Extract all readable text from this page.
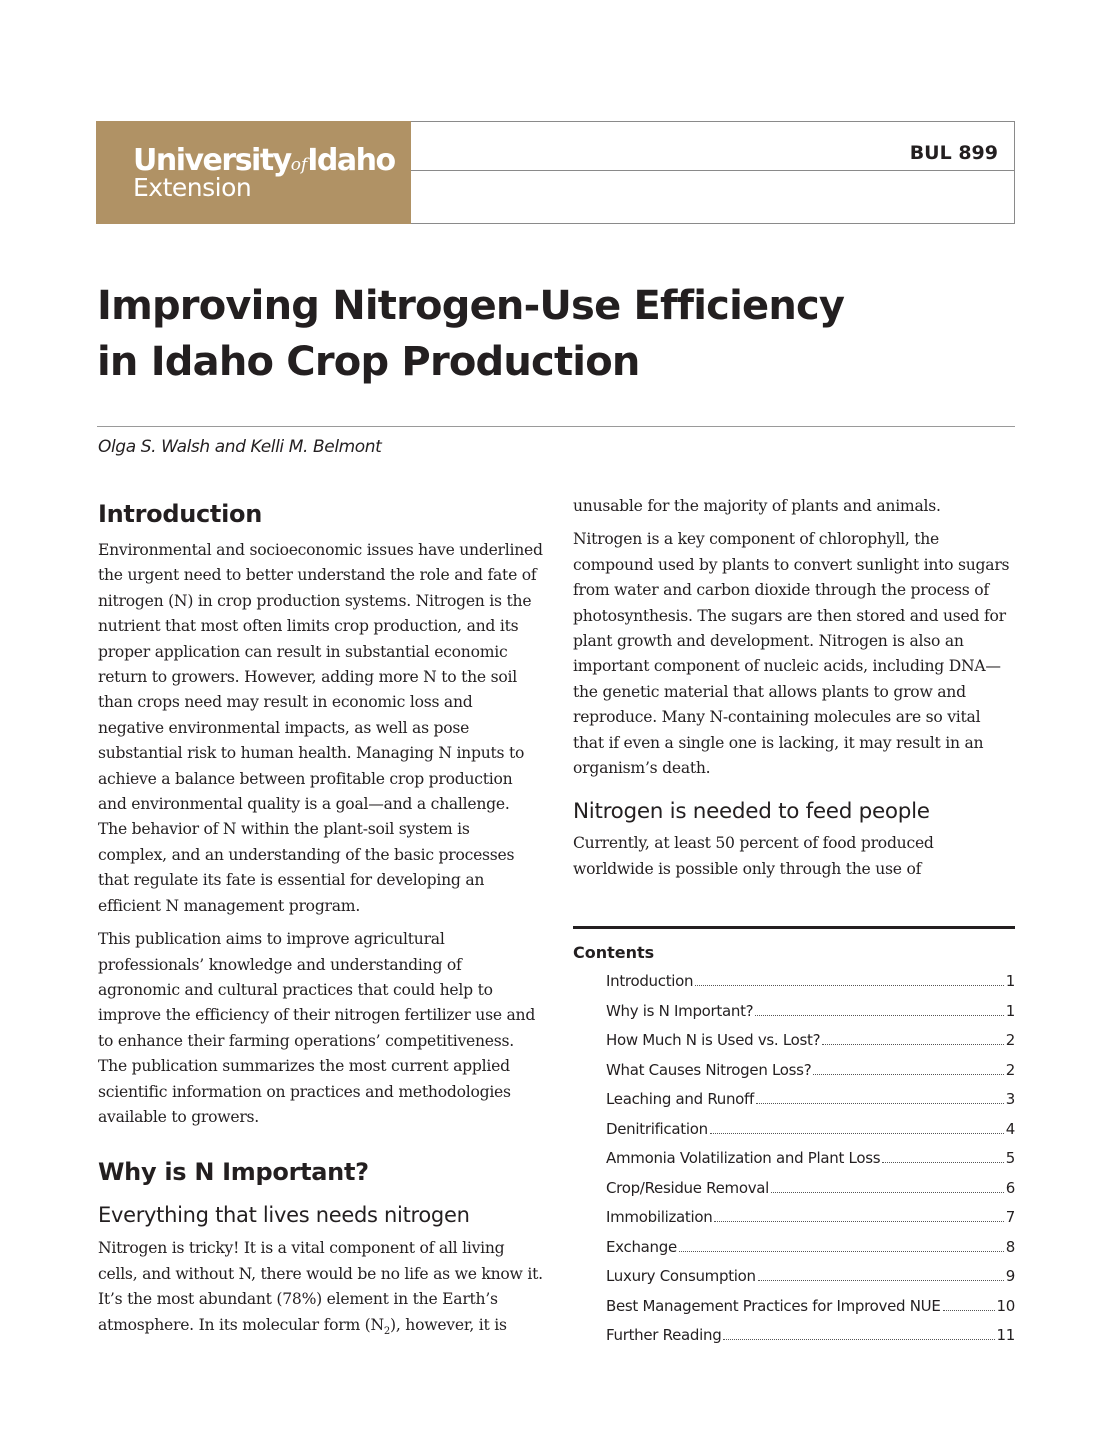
UniversityofIdaho
Extension
BUL 899
Improving Nitrogen-Use Efficiency
in Idaho Crop Production
Olga S. Walsh and Kelli M. Belmont
Introduction

Environmental and socioeconomic issues have underlined the urgent need to better understand the role and fate of nitrogen (N) in crop production systems. Nitrogen is the nutrient that most often limits crop production, and its proper application can result in substantial economic return to growers. However, adding more N to the soil than crops need may result in economic loss and negative environmental impacts, as well as pose substantial risk to human health. Managing N inputs to achieve a balance between profitable crop production and environmental quality is a goal—and a challenge. The behavior of N within the plant-soil system is complex, and an understanding of the basic processes that regulate its fate is essential for developing an efficient N management program.

This publication aims to improve agricultural professionals’ knowledge and understanding of agronomic and cultural practices that could help to improve the efficiency of their nitrogen fertilizer use and to enhance their farming operations’ competitiveness. The publication summarizes the most current applied scientific information on practices and methodologies available to growers.

Why is N Important?
Everything that lives needs nitrogen

Nitrogen is tricky! It is a vital component of all living cells, and without N, there would be no life as we know it. It’s the most abundant (78%) element in the Earth’s atmosphere. In its molecular form $(N_2)$, however, it is

unusable for the majority of plants and animals.

Nitrogen is a key component of chlorophyll, the compound used by plants to convert sunlight into sugars from water and carbon dioxide through the process of photosynthesis. The sugars are then stored and used for plant growth and development. Nitrogen is also an important component of nucleic acids, including DNA—the genetic material that allows plants to grow and reproduce. Many N-containing molecules are so vital that if even a single one is lacking, it may result in an organism’s death.

Nitrogen is needed to feed people

Currently, at least 50 percent of food produced worldwide is possible only through the use of

Contents
Introduction	1
Why is N Important?	1
How Much N is Used vs. Lost?	2
What Causes Nitrogen Loss?	2
Leaching and Runoff	3
Denitrification	4
Ammonia Volatilization and Plant Loss	5
Crop/Residue Removal	6
Immobilization	7
Exchange	8
Luxury Consumption	9
Best Management Practices for Improved NUE	10
Further Reading	11
